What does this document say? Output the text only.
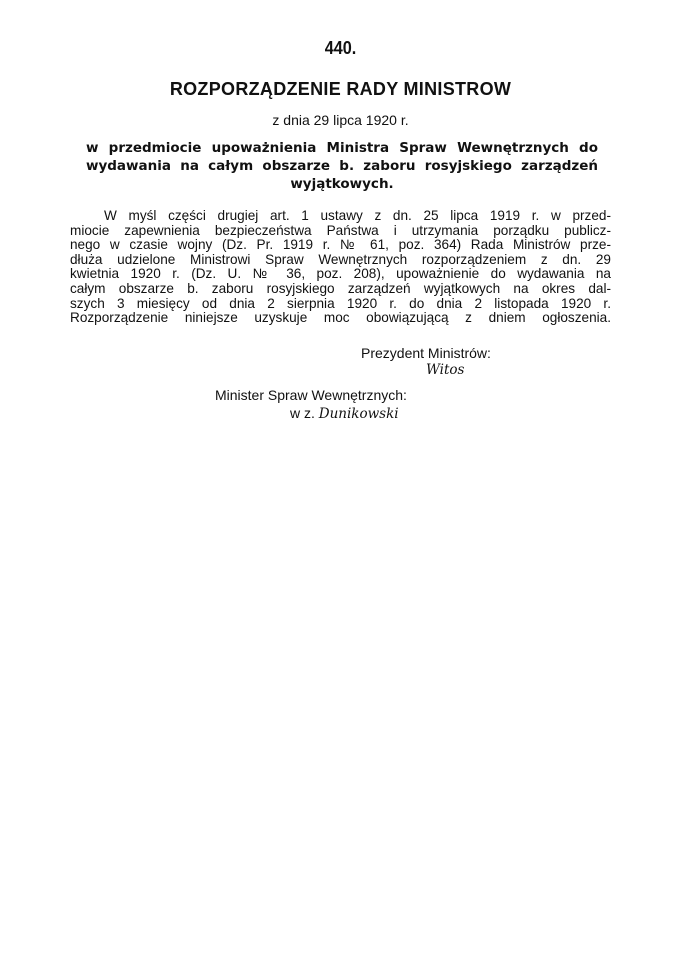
440.
ROZPORZĄDZENIE RADY MINISTROW
z dnia 29 lipca 1920 r.
w przedmiocie upoważnienia Ministra Spraw Wewnętrznych do
wydawania na całym obszarze b. zaboru rosyjskiego zarządzeń
wyjątkowych.
W myśl części drugiej art. 1 ustawy z dn. 25 lipca 1919 r. w przed-
miocie zapewnienia bezpieczeństwa Państwa i utrzymania porządku publicz-
nego w czasie wojny (Dz. Pr. 1919 r. № 61, poz. 364) Rada Ministrów prze-
dłuża udzielone Ministrowi Spraw Wewnętrznych rozporządzeniem z dn. 29
kwietnia 1920 r. (Dz. U. № 36, poz. 208), upoważnienie do wydawania na
całym obszarze b. zaboru rosyjskiego zarządzeń wyjątkowych na okres dal-
szych 3 miesięcy od dnia 2 sierpnia 1920 r. do dnia 2 listopada 1920 r.
Rozporządzenie niniejsze uzyskuje moc obowiązującą z dniem ogłoszenia.
Prezydent Ministrów:
Witos
Minister Spraw Wewnętrznych:
w z. Dunikowski
